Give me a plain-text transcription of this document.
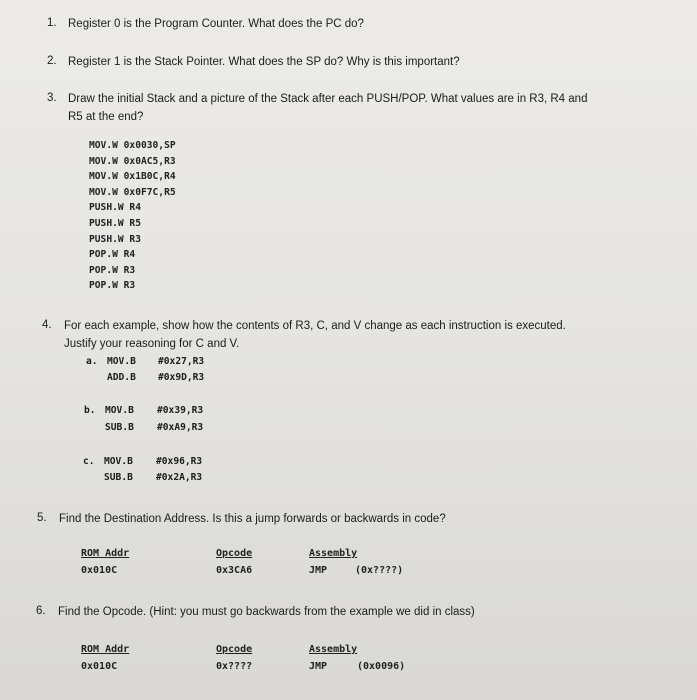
1. Register 0 is the Program Counter. What does the PC do?
2. Register 1 is the Stack Pointer. What does the SP do? Why is this important?
3. Draw the initial Stack and a picture of the Stack after each PUSH/POP. What values are in R3, R4 and
R5 at the end?
MOV.W 0x0030,SP
MOV.W 0x0AC5,R3
MOV.W 0x1B0C,R4
MOV.W 0x0F7C,R5
PUSH.W R4
PUSH.W R5
PUSH.W R3
POP.W R4
POP.W R3
POP.W R3
4. For each example, show how the contents of R3, C, and V change as each instruction is executed.
Justify your reasoning for C and V.
a. MOV.B #0x27,R3
ADD.B #0x9D,R3
b. MOV.B #0x39,R3
SUB.B #0xA9,R3
c. MOV.B #0x96,R3
SUB.B #0x2A,R3
5. Find the Destination Address. Is this a jump forwards or backwards in code?
ROM Addr	Opcode	Assembly
0x010C	0x3CA6	JMP	(0x????)
6. Find the Opcode. (Hint: you must go backwards from the example we did in class)
ROM Addr	Opcode	Assembly
0x010C	0x????	JMP	(0x0096)
